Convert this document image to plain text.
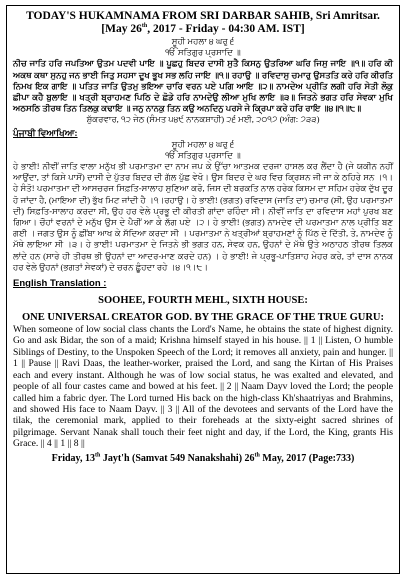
TODAY'S HUKAMNAMA FROM SRI DARBAR SAHIB, Sri Amritsar.
[May 26th, 2017 - Friday - 04:30 AM. IST]
ਸੂਹੀ ਮਹਲਾ ੪ ਘਰੁ ੬
ੴ ਸਤਿਗੁਰ ਪ੍ਰਸਾਦਿ ॥
ਨੀਚ ਜਾਤਿ ਹਰਿ ਜਪਤਿਆ ਉਤਮ ਪਦਵੀ ਪਾਇ ॥ ਪੂਛਹੁ ਬਿਦਰ ਦਾਸੀ ਸੁਤੈ ਕਿਸਨੁ ਉਤਰਿਆ ਘਰਿ ਜਿਸੁ ਜਾਇ ॥੧॥ ਹਰਿ ਕੀ ਅਕਥ ਕਥਾ ਸੁਨਹੁ ਜਨ ਭਾਈ ਜਿਤੁ ਸਹਸਾ ਦੂਖ ਭੂਖ ਸਭ ਲਹਿ ਜਾਇ ॥੧॥ ਰਹਾਉ ॥ ਰਵਿਦਾਸੁ ਚਮਾਰੁ ਉਸਤਤਿ ਕਰੇ ਹਰਿ ਕੀਰਤਿ ਨਿਮਖ ਇਕ ਗਾਇ ॥ ਪਤਿਤ ਜਾਤਿ ਉਤਮੁ ਭਇਆ ਚਾਰਿ ਵਰਨ ਪਏ ਪਗਿ ਆਇ ॥੨॥ ਨਾਮਦੇਅ ਪ੍ਰੀਤਿ ਲਗੀ ਹਰਿ ਸੇਤੀ ਲੋਕੁ ਛੀਪਾ ਕਹੈ ਬੁਲਾਇ ॥ ਖਤ੍ਰੀ ਬ੍ਰਾਹਮਣ ਪਿਠਿ ਦੇ ਛੋਡੇ ਹਰਿ ਨਾਮਦੇਉ ਲੀਆ ਮੁਖਿ ਲਾਇ ॥੩॥ ਜਿਤਨੇ ਭਗਤ ਹਰਿ ਸੇਵਕਾ ਮੁਖਿ ਅਠਸਠਿ ਤੀਰਥ ਤਿਨ ਤਿਲਕੁ ਕਢਾਇ ॥ ਜਨੁ ਨਾਨਕੁ ਤਿਨ ਕਉ ਅਨਦਿਨੁ ਪਰਸੇ ਜੇ ਕ੍ਰਿਪਾ ਕਰੇ ਹਰਿ ਰਾਇ ॥੪॥੧॥੮॥
ਸ਼ੁੱਕਰਵਾਰ, ੧੨ ਜੇਠ (ਸੰਮਤ ੫੪੯ ਨਾਨਕਸ਼ਾਹੀ) ੨੬ ਮਈ, ੨੦੧੭ (ਅੰਗ: ੭੩੩)
ਪੰਜਾਬੀ ਵਿਆਖਿਆ:
ਸੂਹੀ ਮਹਲਾ ੪ ਘਰੁ ੬
ੴ ਸਤਿਗੁਰ ਪ੍ਰਸਾਦਿ ॥
ਹੇ ਭਾਈ! ਨੀਵੀਂ ਜਾਤਿ ਵਾਲਾ ਮਨੁੱਖ ਭੀ ਪਰਮਾਤਮਾ ਦਾ ਨਾਮ ਜਪ ਕੇ ਉੱਚਾ ਆਤਮਕ ਦਰਜਾ ਹਾਸਲ ਕਰ ਲੈਂਦਾ ਹੈ (ਜੇ ਯਕੀਨ ਨਹੀਂ ਆਉਂਦਾ, ਤਾਂ ਕਿਸੇ ਪਾਸੋਂ) ਦਾਸੀ ਦੇ ਪੁੱਤਰ ਬਿਦਰ ਦੀ ਗੱਲ ਪੁੱਛ ਵੇਖੋ। ਉਸ ਬਿਦਰ ਦੇ ਘਰ ਵਿਚ ਕ੍ਰਿਸ਼ਨ ਜੀ ਜਾ ਕੇ ਠਹਿਰੇ ਸਨ ।੧। ਹੇ ਸੰਤੋ! ਪਰਮਾਤਮਾ ਦੀ ਆਸਚਰਜ ਸਿਫ਼ਤਿ-ਸਾਲਾਹ ਸੁਣਿਆ ਕਰੋ, ਜਿਸ ਦੀ ਬਰਕਤਿ ਨਾਲ ਹਰੇਕ ਕਿਸਮ ਦਾ ਸਹਿਮ ਹਰੇਕ ਦੁੱਖ ਦੂਰ ਹੋ ਜਾਂਦਾ ਹੈ, (ਮਾਇਆ ਦੀ) ਭੁੱਖ ਮਿਟ ਜਾਂਦੀ ਹੈ ।੧।ਰਹਾਉ। ਹੇ ਭਾਈ! (ਭਗਤ) ਰਵਿਦਾਸ (ਜਾਤਿ ਦਾ) ਚਮਾਰ (ਸੀ, ਉਹ ਪਰਮਾਤਮਾ ਦੀ) ਸਿਫ਼ਤਿ-ਸਾਲਾਹ ਕਰਦਾ ਸੀ, ਉਹ ਹਰ ਵੇਲੇ ਪ੍ਰਭੂ ਦੀ ਕੀਰਤੀ ਗਾਂਦਾ ਰਹਿੰਦਾ ਸੀ। ਨੀਵੀਂ ਜਾਤਿ ਦਾ ਰਵਿਦਾਸ ਮਹਾਂ ਪੁਰਖ ਬਣ ਗਿਆ। ਚੌਹਾਂ ਵਰਨਾਂ ਦੇ ਮਨੁੱਖ ਉਸ ਦੇ ਪੈਰੀਂ ਆ ਕੇ ਲੱਗ ਪਏ ।੨। ਹੇ ਭਾਈ! (ਭਗਤ) ਨਾਮਦੇਵ ਦੀ ਪਰਮਾਤਮਾ ਨਾਲ ਪ੍ਰੀਤਿ ਬਣ ਗਈ । ਜਗਤ ਉਸ ਨੂੰ ਛੀਂਬਾ ਆਖ ਕੇ ਸੱਦਿਆ ਕਰਦਾ ਸੀ । ਪਰਮਾਤਮਾ ਨੇ ਖਤ੍ਰੀਆਂ ਬ੍ਰਾਹਮਣਾਂ ਨੂੰ ਪਿੱਠ ਦੇ ਦਿੱਤੀ, ਤੇ, ਨਾਮਦੇਵ ਨੂੰ ਮੱਥੇ ਲਾਇਆ ਸੀ ।੩। ਹੇ ਭਾਈ! ਪਰਮਾਤਮਾ ਦੇ ਜਿਤਨੇ ਭੀ ਭਗਤ ਹਨ, ਸੇਵਕ ਹਨ, ਉਹਨਾਂ ਦੇ ਮੱਥੇ ਉਤੇ ਅਠਾਹਠ ਤੀਰਥ ਤਿਲਕ ਲਾਂਦੇ ਹਨ (ਸਾਰੇ ਹੀ ਤੀਰਥ ਭੀ ਉਹਨਾਂ ਦਾ ਆਦਰ-ਮਾਣ ਕਰਦੇ ਹਨ) । ਹੇ ਭਾਈ! ਜੇ ਪ੍ਰਭੂ-ਪਾਤਿਸ਼ਾਹ ਮੇਹਰ ਕਰੇ, ਤਾਂ ਦਾਸ ਨਾਨਕ ਹਰ ਵੇਲੇ ਉਹਨਾਂ (ਭਗਤਾਂ ਸੇਵਕਾਂ) ਦੇ ਚਰਨ ਛੂੰਹਦਾ ਰਹੇ ।੪।੧।੮।
English Translation :
SOOHEE, FOURTH MEHL, SIXTH HOUSE:
ONE UNIVERSAL CREATOR GOD. BY THE GRACE OF THE TRUE GURU:

When someone of low social class chants the Lord's Name, he obtains the state of highest dignity. Go and ask Bidar, the son of a maid; Krishna himself stayed in his house. || 1 || Listen, O humble Siblings of Destiny, to the Unspoken Speech of the Lord; it removes all anxiety, pain and hunger. || 1 || Pause || Ravi Daas, the leather-worker, praised the Lord, and sang the Kirtan of His Praises each and every instant. Although he was of low social status, he was exalted and elevated, and people of all four castes came and bowed at his feet. || 2 || Naam Dayv loved the Lord; the people called him a fabric dyer. The Lord turned His back on the high-class Kh'shaatriyas and Brahmins, and showed His face to Naam Dayv. || 3 || All of the devotees and servants of the Lord have the tilak, the ceremonial mark, applied to their foreheads at the sixty-eight sacred shrines of pilgrimage. Servant Nanak shall touch their feet night and day, if the Lord, the King, grants His Grace. || 4 || 1 || 8 ||

Friday, 13th Jayt'h (Samvat 549 Nanakshahi) 26th May, 2017 (Page:733)
